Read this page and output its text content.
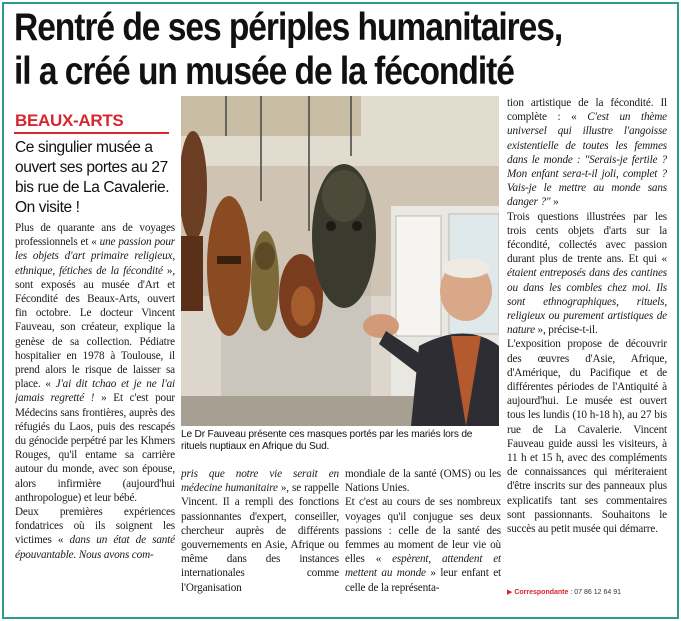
Rentré de ses périples humanitaires,
il a créé un musée de la fécondité
BEAUX-ARTS
Ce singulier musée a ouvert ses portes au 27 bis rue de La Cavalerie. On visite !

Plus de quarante ans de voyages professionnels et « une passion pour les objets d'art primaire religieux, ethnique, fétiches de la fécondité », sont exposés au musée d'Art et Fécondité des Beaux-Arts, ouvert fin octobre. Le docteur Vincent Fauveau, son créateur, explique la genèse de sa collection. Pédiatre hospitalier en 1978 à Toulouse, il prend alors le risque de laisser sa place. « J'ai dit tchao et je ne l'ai jamais regretté ! » Et c'est pour Médecins sans frontières, auprès des réfugiés du Laos, puis des rescapés du génocide perpétré par les Khmers Rouges, qu'il entame sa carrière autour du monde, avec son épouse, alors infirmière (aujourd'hui anthropologue) et leur bébé.

Deux premières expériences fondatrices où ils soignent les victimes « dans un état de santé épouvantable. Nous avons com-

Le Dr Fauveau présente ces masques portés par les mariés lors de rituels nuptiaux en Afrique du Sud.

pris que notre vie serait en médecine humanitaire », se rappelle Vincent. Il a rempli des fonctions passionnantes d'expert, conseiller, chercheur auprès de différents gouvernements en Asie, Afrique ou même dans des instances internationales comme l'Organisation

mondiale de la santé (OMS) ou les Nations Unies.

Et c'est au cours de ses nombreux voyages qu'il conjugue ses deux passions : celle de la santé des femmes au moment de leur vie où elles « espèrent, attendent et mettent au monde » leur enfant et celle de la représenta-

tion artistique de la fécondité. Il complète : « C'est un thème universel qui illustre l'angoisse existentielle de toutes les femmes dans le monde : "Serais-je fertile ? Mon enfant sera-t-il joli, complet ? Vais-je le mettre au monde sans danger ?" »

Trois questions illustrées par les trois cents objets d'arts sur la fécondité, collectés avec passion durant plus de trente ans. Et qui « étaient entreposés dans des cantines ou dans les combles chez moi. Ils sont ethnographiques, rituels, religieux ou purement artistiques de nature », précise-t-il.

L'exposition propose de découvrir des œuvres d'Asie, Afrique, d'Amérique, du Pacifique et de différentes périodes de l'Antiquité à aujourd'hui. Le musée est ouvert tous les lundis (10 h-18 h), au 27 bis rue de La Cavalerie. Vincent Fauveau guide aussi les visiteurs, à 11 h et 15 h, avec des compléments de connaissances qui mériteraient d'être inscrits sur des panneaux plus explicatifs tant ses commentaires sont passionnants. Souhaitons le succès au petit musée qui démarre.

▶ Correspondante : 07 86 12 64 91
